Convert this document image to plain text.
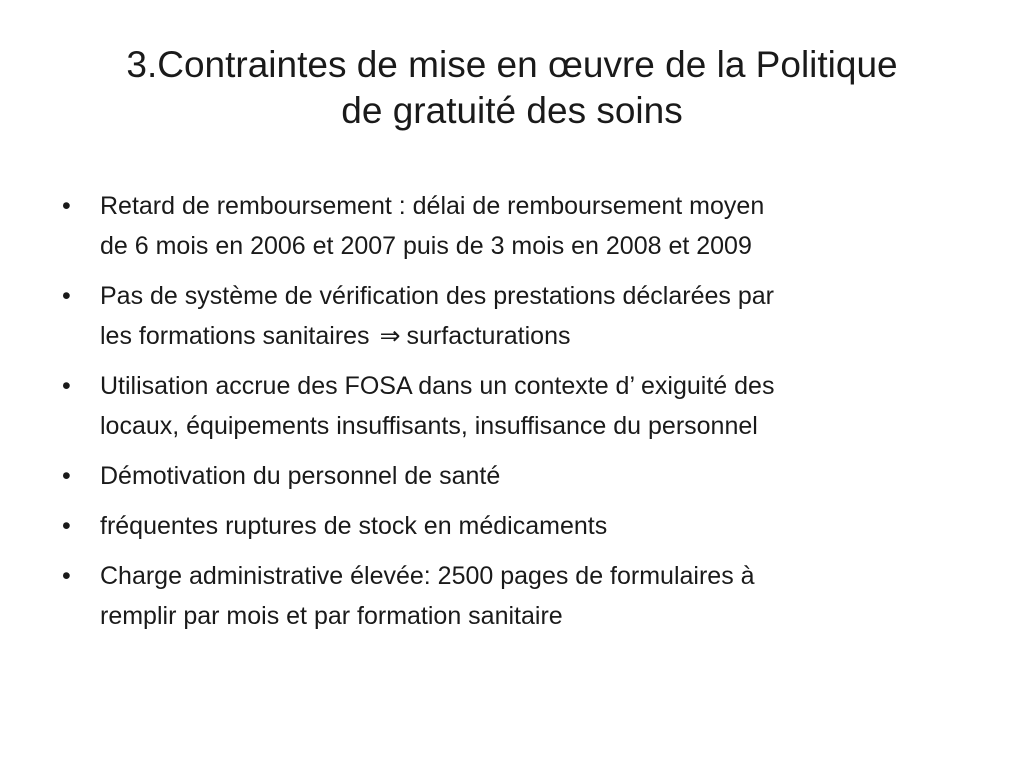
3.Contraintes de mise en œuvre de la Politique
de gratuité des soins
•	Retard de remboursement : délai de remboursement moyen
de 6 mois en 2006 et 2007 puis de 3 mois en 2008 et 2009
•	Pas de système de vérification des prestations déclarées par
les formations sanitaires ⇒ surfacturations
•	Utilisation accrue des FOSA dans un contexte d’ exiguité des
locaux, équipements insuffisants, insuffisance du personnel
•	Démotivation du personnel de santé
•	fréquentes ruptures de stock en médicaments
•	Charge administrative élevée: 2500 pages de formulaires à
remplir par mois et par formation sanitaire
